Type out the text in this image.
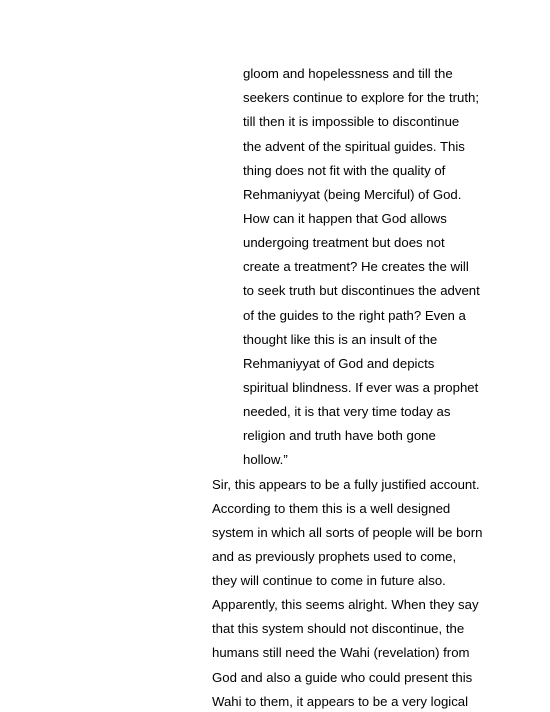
gloom and hopelessness and till the
seekers continue to explore for the truth;
till then it is impossible to discontinue
the advent of the spiritual guides. This
thing does not fit with the quality of
Rehmaniyyat (being Merciful) of God.
How can it happen that God allows
undergoing treatment but does not
create a treatment? He creates the will
to seek truth but discontinues the advent
of the guides to the right path? Even a
thought like this is an insult of the
Rehmaniyyat of God and depicts
spiritual blindness. If ever was a prophet
needed, it is that very time today as
religion and truth have both gone
hollow.”
Sir, this appears to be a fully justified account.
According to them this is a well designed
system in which all sorts of people will be born
and as previously prophets used to come,
they will continue to come in future also.
Apparently, this seems alright. When they say
that this system should not discontinue, the
humans still need the Wahi (revelation) from
God and also a guide who could present this
Wahi to them, it appears to be a very logical
